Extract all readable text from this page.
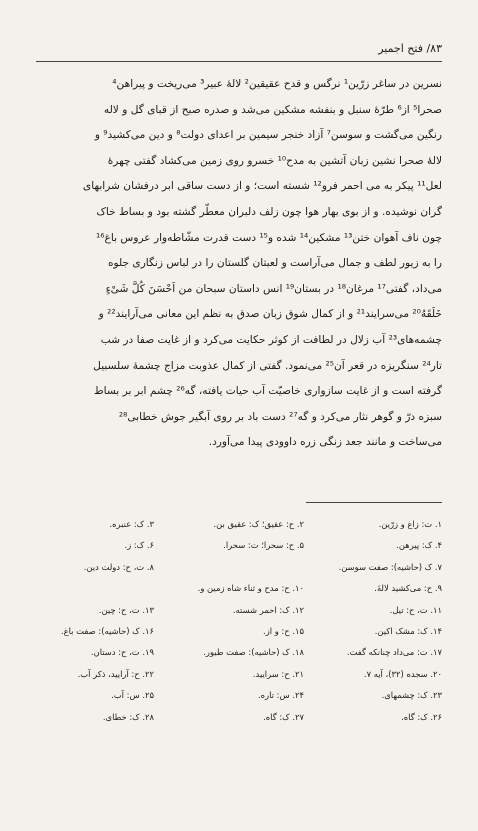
۸۳/ فتح اجمیر
نسرین در ساغر زرّین¹ نرگس و قدح عقیقین² لالهٔ عبیر³ می‌ریخت و پیراهن⁴
صحرا⁵ از⁶ طرّهٔ سنبل و بنفشه مشکین می‌شد و صدره صبح از قبای گل و لاله
رنگین می‌گشت و سوسن⁷ آزاد خنجر سیمین بر اعدای دولت⁸ و دین می‌کشید⁹ و
لالهٔ صحرا نشین زبان آتشین به مدح¹⁰ خسرو روی زمین می‌کشاد گفتی چهرهٔ
لعل¹¹ پیکر به می احمر فرو¹² شسته است؛ و از دست ساقی ابر درفشان شرابهای
گران نوشیده. و از بوی بهار هوا چون زلف دلبران معطّر گشته بود و بساط خاک
چون ناف آهوان ختن¹³ مشکین¹⁴ شده و¹⁵ دست قدرت مشّاطه‌وار عروس باغ¹⁶
را به زیور لطف و جمال می‌آراست و لعبتان گلستان را در لباس زنگاری جلوه
می‌داد، گفتی¹⁷ مرغان¹⁸ در بستان¹⁹ انس داستان سبحان من اَحْسَنَ کُلَّ شَیْءٍ
خَلَقَهُ²⁰ می‌سرایند²¹ و از کمال شوق زبان صدق به نظم این معانی می‌آرایند²² و
چشمه‌های²³ آب زلال در لطافت از کوثر حکایت می‌کرد و از غایت صفا در شب
تار²⁴ سنگریزه در قعر آن²⁵ می‌نمود. گفتی از کمال عذوبت مزاج چشمهٔ سلسبیل
گرفته است و از غایت سازواری خاصیّت آب حیات یافته، گه²⁶ چشم ابر بر بساط
سبزه درّ و گوهر نثار می‌کرد و گه²⁷ دست باد بر روی آبگیر جوش خطابی²⁸
می‌ساخت و مانند جعد زنگی زره داوودی پیدا می‌آورد.
۱. ت: زاغ و زرّین.
۲. ح: عقیق؛ ک: عقیق بن.
۳. ک: عنبره.
۴. ک: پیرهن.
۵. ح: سحرا؛ ت: سحرا.
۶. ک: ز.
۷. ک (حاشیه): صفت سوسن.
۸. ت، ح: دولت دین.
۹. ح: می‌کشید لالهٔ.
۱۰. ح: مدح و ثناء شاه زمین و.
۱۱. ت، ح: تیل.
۱۲. ک: احمر شسته.
۱۳. ت، ح: چین.
۱۴. ک: مشک اکین.
۱۵. ح: و از.
۱۶. ک (حاشیه): صفت باغ.
۱۷. ت: می‌داد چنانکه گفت.
۱۸. ک (حاشیه): صفت طیور.
۱۹. ت، ح: دستان.
۲۰. سجده (۳۲)، آیه ۷.
۲۱. ح: سرایید.
۲۲. ح: آرایید، ذکر آب.
۲۳. ک: چشمهای.
۲۴. س: تاره.
۲۵. س: آب.
۲۶. ک: گاه.
۲۷. ک: گاه.
۲۸. ک: خطای.
